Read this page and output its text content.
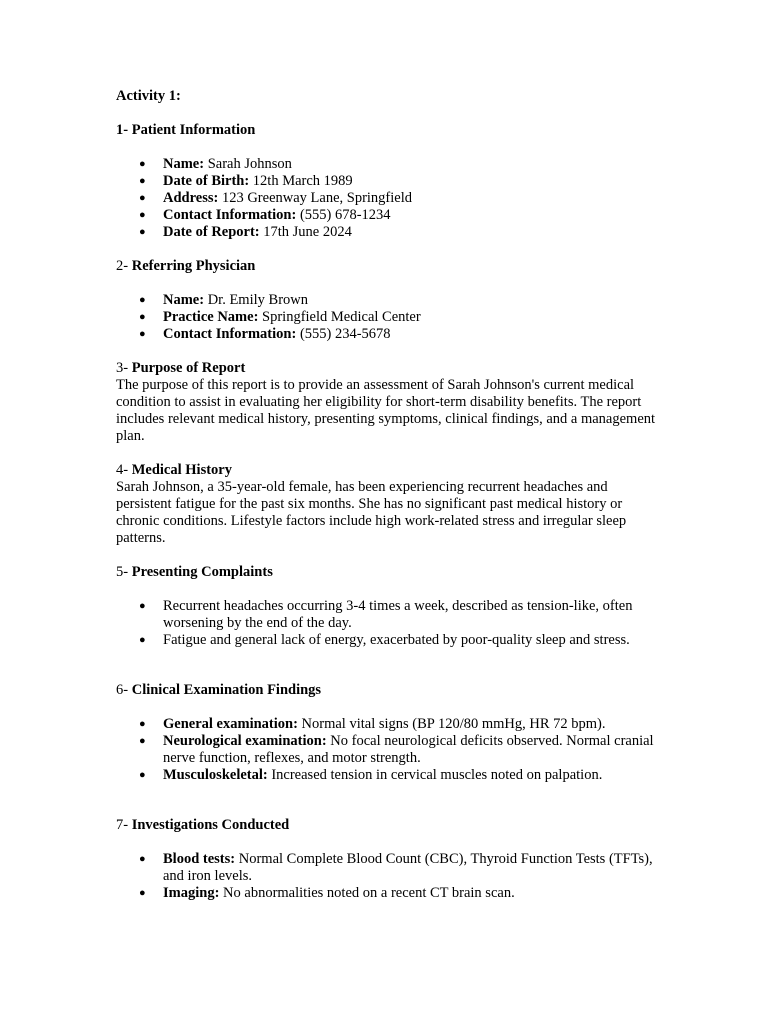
Activity 1:

1- Patient Information

● Name: Sarah Johnson
● Date of Birth: 12th March 1989
● Address: 123 Greenway Lane, Springfield
● Contact Information: (555) 678-1234
● Date of Report: 17th June 2024

2- Referring Physician

● Name: Dr. Emily Brown
● Practice Name: Springfield Medical Center
● Contact Information: (555) 234-5678

3- Purpose of Report

The purpose of this report is to provide an assessment of Sarah Johnson's current medical condition to assist in evaluating her eligibility for short-term disability benefits. The report includes relevant medical history, presenting symptoms, clinical findings, and a management plan.

4- Medical History

Sarah Johnson, a 35-year-old female, has been experiencing recurrent headaches and persistent fatigue for the past six months. She has no significant past medical history or chronic conditions. Lifestyle factors include high work-related stress and irregular sleep patterns.

5- Presenting Complaints

● Recurrent headaches occurring 3-4 times a week, described as tension-like, often worsening by the end of the day.
● Fatigue and general lack of energy, exacerbated by poor-quality sleep and stress.

6- Clinical Examination Findings

● General examination: Normal vital signs (BP 120/80 mmHg, HR 72 bpm).
● Neurological examination: No focal neurological deficits observed. Normal cranial nerve function, reflexes, and motor strength.
● Musculoskeletal: Increased tension in cervical muscles noted on palpation.

7- Investigations Conducted

● Blood tests: Normal Complete Blood Count (CBC), Thyroid Function Tests (TFTs), and iron levels.
● Imaging: No abnormalities noted on a recent CT brain scan.
